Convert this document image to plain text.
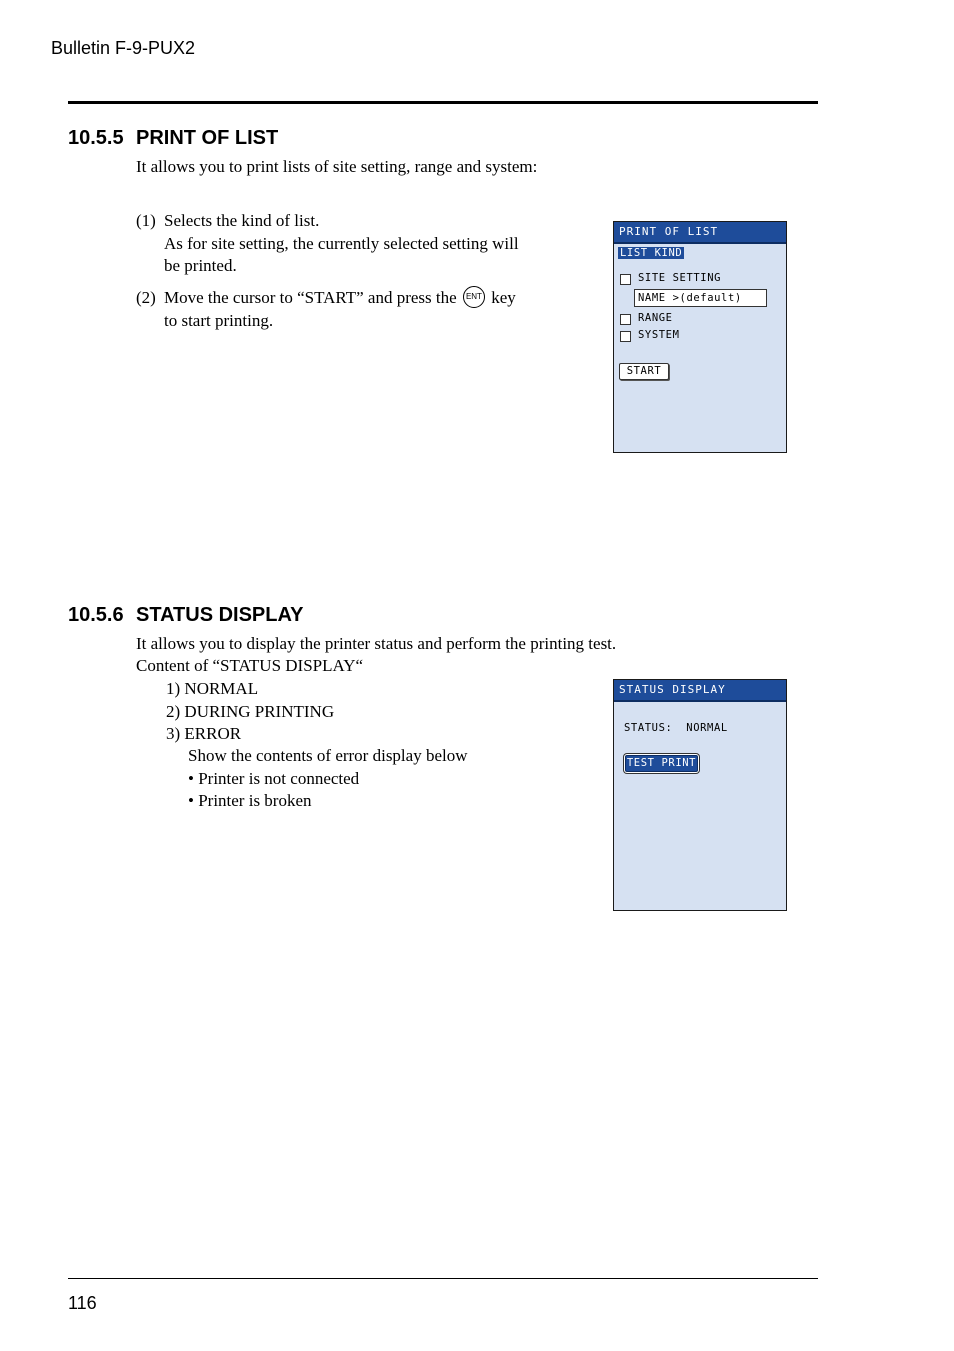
Bulletin F-9-PUX2
10.5.5 PRINT OF LIST
It allows you to print lists of site setting, range and system:
(1) Selects the kind of list.
As for site setting, the currently selected setting will
be printed.
(2) Move the cursor to “START” and press the ENT key
to start printing.
PRINT OF LIST
LIST KIND
SITE SETTING
NAME >(default)
RANGE
SYSTEM
START
10.5.6 STATUS DISPLAY
It allows you to display the printer status and perform the printing test.
Content of “STATUS DISPLAY“
1) NORMAL
2) DURING PRINTING
3) ERROR
Show the contents of error display below
• Printer is not connected
• Printer is broken
STATUS DISPLAY
STATUS: NORMAL
TEST PRINT
116
